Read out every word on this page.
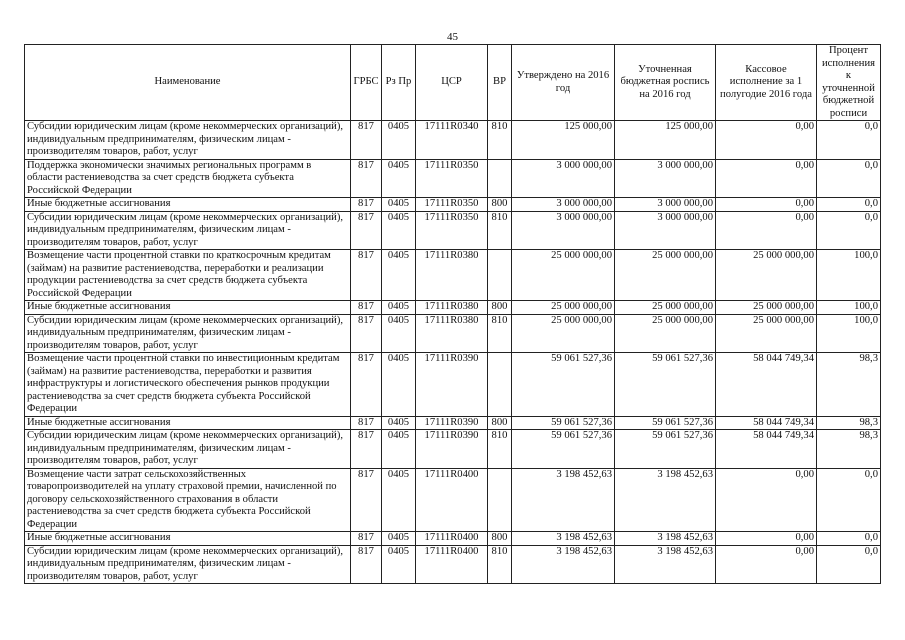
45
Наименование	ГРБС	Рз Пр	ЦСР	ВР	Утверждено на 2016 год	Уточненная бюджетная роспись на 2016 год	Кассовое исполнение за 1 полугодие 2016 года	Процент исполнения к уточненной бюджетной росписи
Субсидии юридическим лицам (кроме некоммерческих организаций), индивидуальным предпринимателям, физическим лицам - производителям товаров, работ, услуг	817	0405	17111R0340	810	125 000,00	125 000,00	0,00	0,0
Поддержка экономически значимых региональных программ в области растениеводства за счет средств бюджета субъекта Российской Федерации	817	0405	17111R0350		3 000 000,00	3 000 000,00	0,00	0,0
Иные бюджетные ассигнования	817	0405	17111R0350	800	3 000 000,00	3 000 000,00	0,00	0,0
Субсидии юридическим лицам (кроме некоммерческих организаций), индивидуальным предпринимателям, физическим лицам - производителям товаров, работ, услуг	817	0405	17111R0350	810	3 000 000,00	3 000 000,00	0,00	0,0
Возмещение части процентной ставки по краткосрочным кредитам (займам) на развитие растениеводства, переработки и реализации продукции растениеводства за счет средств бюджета субъекта Российской Федерации	817	0405	17111R0380		25 000 000,00	25 000 000,00	25 000 000,00	100,0
Иные бюджетные ассигнования	817	0405	17111R0380	800	25 000 000,00	25 000 000,00	25 000 000,00	100,0
Субсидии юридическим лицам (кроме некоммерческих организаций), индивидуальным предпринимателям, физическим лицам - производителям товаров, работ, услуг	817	0405	17111R0380	810	25 000 000,00	25 000 000,00	25 000 000,00	100,0
Возмещение части процентной ставки по инвестиционным кредитам (займам) на развитие растениеводства, переработки и развития инфраструктуры и логистического обеспечения рынков продукции растениеводства за счет средств бюджета субъекта Российской Федерации	817	0405	17111R0390		59 061 527,36	59 061 527,36	58 044 749,34	98,3
Иные бюджетные ассигнования	817	0405	17111R0390	800	59 061 527,36	59 061 527,36	58 044 749,34	98,3
Субсидии юридическим лицам (кроме некоммерческих организаций), индивидуальным предпринимателям, физическим лицам - производителям товаров, работ, услуг	817	0405	17111R0390	810	59 061 527,36	59 061 527,36	58 044 749,34	98,3
Возмещение части затрат сельскохозяйственных товаропроизводителей на уплату страховой премии, начисленной по договору сельскохозяйственного страхования в области растениеводства за счет средств бюджета субъекта Российской Федерации	817	0405	17111R0400		3 198 452,63	3 198 452,63	0,00	0,0
Иные бюджетные ассигнования	817	0405	17111R0400	800	3 198 452,63	3 198 452,63	0,00	0,0
Субсидии юридическим лицам (кроме некоммерческих организаций), индивидуальным предпринимателям, физическим лицам - производителям товаров, работ, услуг	817	0405	17111R0400	810	3 198 452,63	3 198 452,63	0,00	0,0
